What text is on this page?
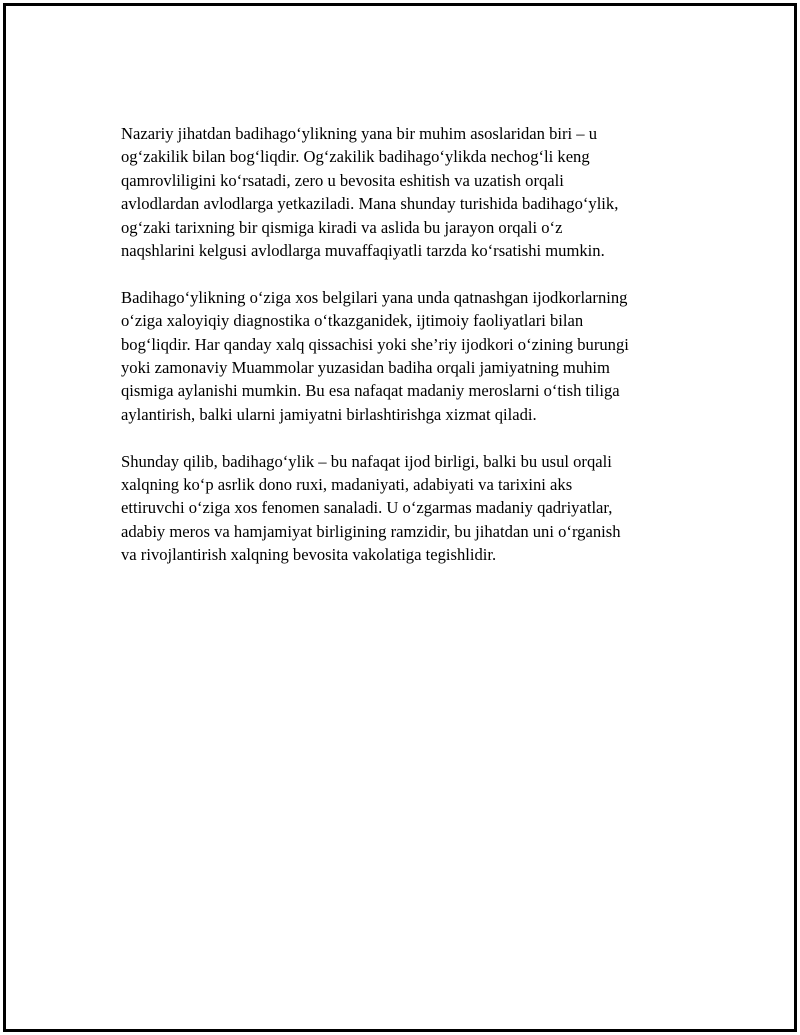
Nazariy jihatdan badihago‘ylikning yana bir muhim asoslaridan biri – u
og‘zakilik bilan bog‘liqdir. Og‘zakilik badihago‘ylikda nechog‘li keng
qamrovliligini ko‘rsatadi, zero u bevosita eshitish va uzatish orqali
avlodlardan avlodlarga yetkaziladi. Mana shunday turishida badihago‘ylik,
og‘zaki tarixning bir qismiga kiradi va aslida bu jarayon orqali o‘z
naqshlarini kelgusi avlodlarga muvaffaqiyatli tarzda ko‘rsatishi mumkin.

Badihago‘ylikning o‘ziga xos belgilari yana unda qatnashgan ijodkorlarning
o‘ziga xaloyiqiy diagnostika o‘tkazganidek, ijtimoiy faoliyatlari bilan
bog‘liqdir. Har qanday xalq qissachisi yoki she’riy ijodkori o‘zining burungi
yoki zamonaviy Muammolar yuzasidan badiha orqali jamiyatning muhim
qismiga aylanishi mumkin. Bu esa nafaqat madaniy meroslarni o‘tish tiliga
aylantirish, balki ularni jamiyatni birlashtirishga xizmat qiladi.

Shunday qilib, badihago‘ylik – bu nafaqat ijod birligi, balki bu usul orqali
xalqning ko‘p asrlik dono ruxi, madaniyati, adabiyati va tarixini aks
ettiruvchi o‘ziga xos fenomen sanaladi. U o‘zgarmas madaniy qadriyatlar,
adabiy meros va hamjamiyat birligining ramzidir, bu jihatdan uni o‘rganish
va rivojlantirish xalqning bevosita vakolatiga tegishlidir.
